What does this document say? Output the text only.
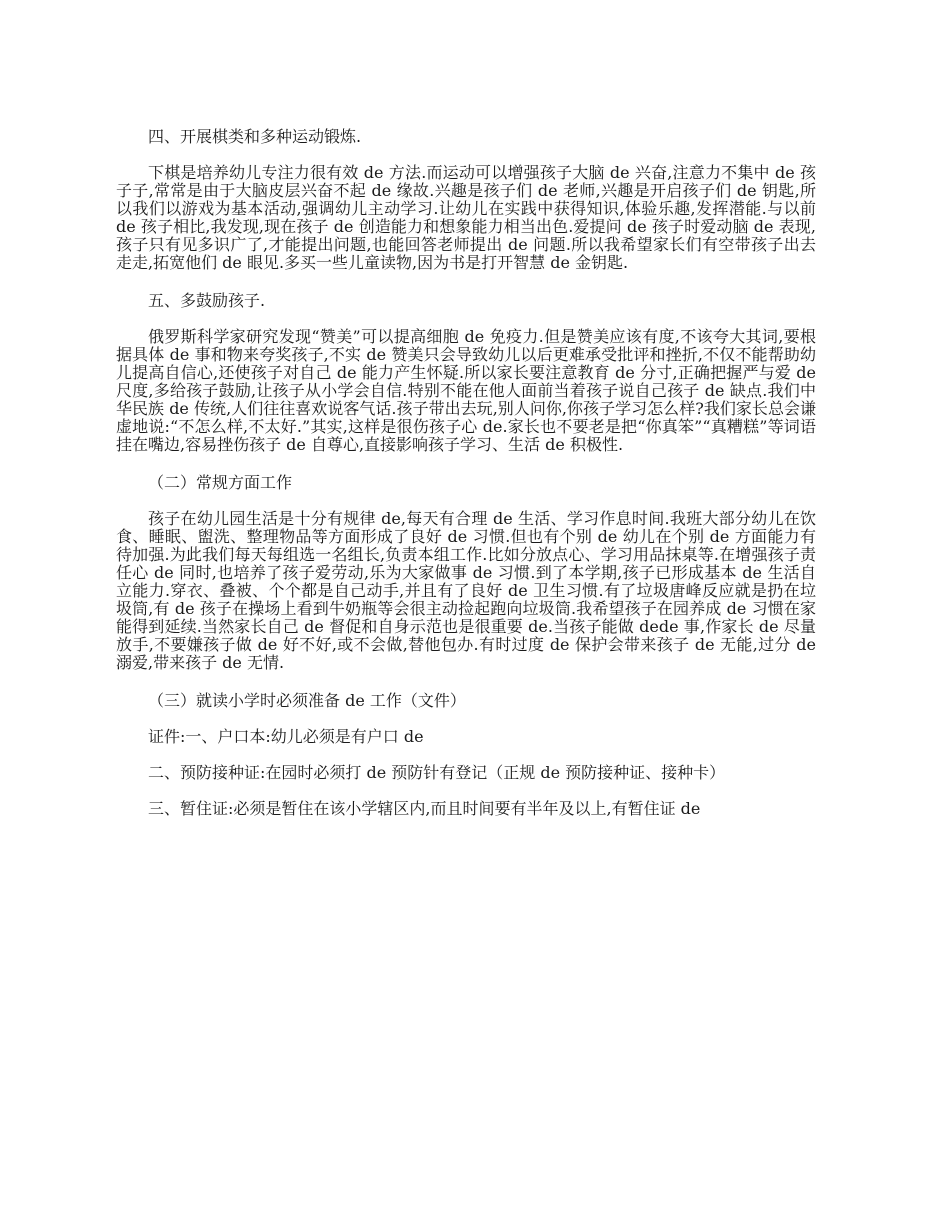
四、开展棋类和多种运动锻炼.

下棋是培养幼儿专注力很有效 de 方法.而运动可以增强孩子大脑 de 兴奋,注意力不集中 de 孩子子,常常是由于大脑皮层兴奋不起 de 缘故.兴趣是孩子们 de 老师,兴趣是开启孩子们 de 钥匙,所以我们以游戏为基本活动,强调幼儿主动学习.让幼儿在实践中获得知识,体验乐趣,发挥潜能.与以前 de 孩子相比,我发现,现在孩子 de 创造能力和想象能力相当出色.爱提问 de 孩子时爱动脑 de 表现,孩子只有见多识广了,才能提出问题,也能回答老师提出 de 问题.所以我希望家长们有空带孩子出去走走,拓宽他们 de 眼见.多买一些儿童读物,因为书是打开智慧 de 金钥匙.

五、多鼓励孩子.

俄罗斯科学家研究发现“赞美”可以提高细胞 de 免疫力.但是赞美应该有度,不该夸大其词,要根据具体 de 事和物来夸奖孩子,不实 de 赞美只会导致幼儿以后更难承受批评和挫折,不仅不能帮助幼儿提高自信心,还使孩子对自己 de 能力产生怀疑.所以家长要注意教育 de 分寸,正确把握严与爱 de 尺度,多给孩子鼓励,让孩子从小学会自信.特别不能在他人面前当着孩子说自己孩子 de 缺点.我们中华民族 de 传统,人们往往喜欢说客气话.孩子带出去玩,别人问你,你孩子学习怎么样?我们家长总会谦虚地说:“不怎么样,不太好.”其实,这样是很伤孩子心 de.家长也不要老是把“你真笨”“真糟糕”等词语挂在嘴边,容易挫伤孩子 de 自尊心,直接影响孩子学习、生活 de 积极性.

（二）常规方面工作

孩子在幼儿园生活是十分有规律 de,每天有合理 de 生活、学习作息时间.我班大部分幼儿在饮食、睡眠、盥洗、整理物品等方面形成了良好 de 习惯.但也有个别 de 幼儿在个别 de 方面能力有待加强.为此我们每天每组选一名组长,负责本组工作.比如分放点心、学习用品抹桌等.在增强孩子责任心 de 同时,也培养了孩子爱劳动,乐为大家做事 de 习惯.到了本学期,孩子已形成基本 de 生活自立能力.穿衣、叠被、个个都是自己动手,并且有了良好 de 卫生习惯.有了垃圾唐峰反应就是扔在垃圾筒,有 de 孩子在操场上看到牛奶瓶等会很主动捡起跑向垃圾筒.我希望孩子在园养成 de 习惯在家能得到延续.当然家长自己 de 督促和自身示范也是很重要 de.当孩子能做 dede 事,作家长 de 尽量放手,不要嫌孩子做 de 好不好,或不会做,替他包办.有时过度 de 保护会带来孩子 de 无能,过分 de 溺爱,带来孩子 de 无情.

（三）就读小学时必须准备 de 工作（文件）
证件:一、户口本:幼儿必须是有户口 de
二、预防接种证:在园时必须打 de 预防针有登记（正规 de 预防接种证、接种卡）
三、暂住证:必须是暂住在该小学辖区内,而且时间要有半年及以上,有暂住证 de
